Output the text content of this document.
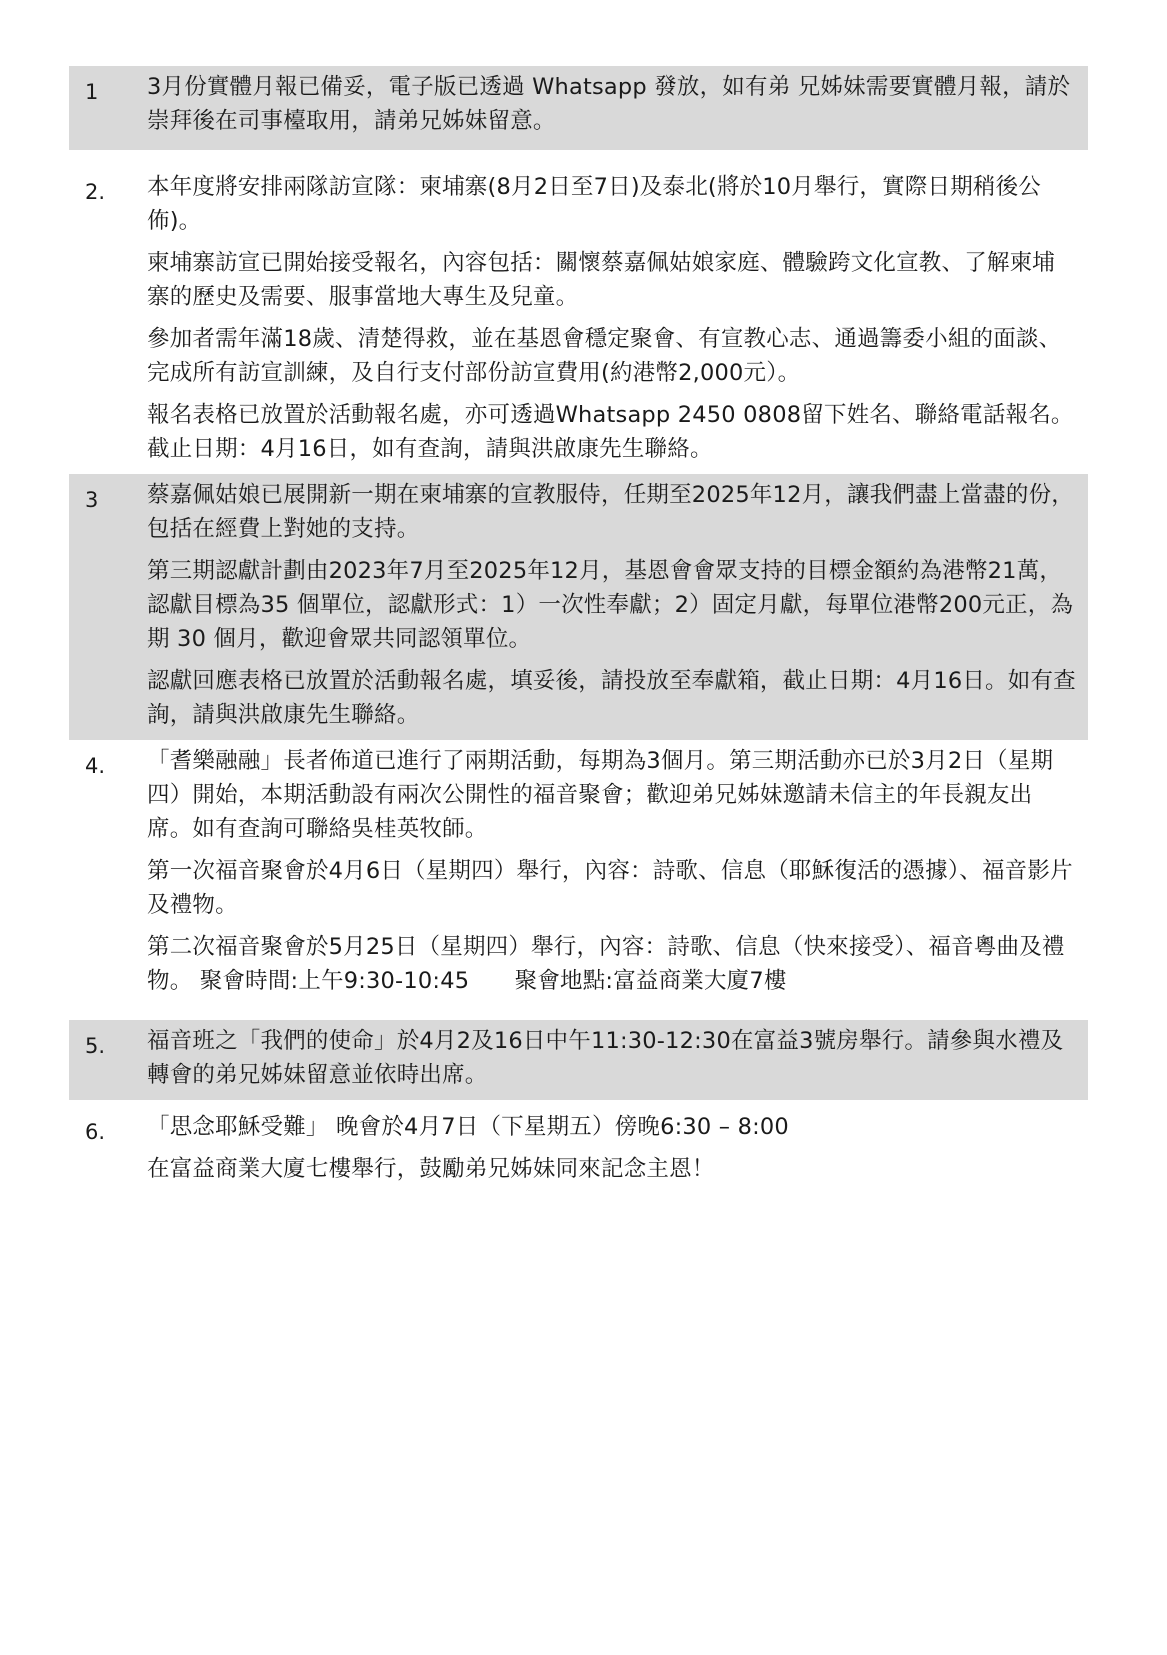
1	3月份實體月報已備妥，電子版已透過 Whatsapp 發放，如有弟 兄姊妹需要實體月報，請於崇拜後在司事檯取用，請弟兄姊妹留意。

2.	本年度將安排兩隊訪宣隊：柬埔寨(8月2日至7日)及泰北(將於10月舉行，實際日期稍後公佈)。

柬埔寨訪宣已開始接受報名，內容包括：關懷蔡嘉佩姑娘家庭、體驗跨文化宣教、了解柬埔寨的歷史及需要、服事當地大專生及兒童。

參加者需年滿18歲、清楚得救，並在基恩會穩定聚會、有宣教心志、通過籌委小組的面談、完成所有訪宣訓練，及自行支付部份訪宣費用(約港幣2,000元）。

報名表格已放置於活動報名處，亦可透過Whatsapp 2450 0808留下姓名、聯絡電話報名。截止日期：4月16日，如有查詢，請與洪啟康先生聯絡。

3	蔡嘉佩姑娘已展開新一期在柬埔寨的宣教服侍，任期至2025年12月，讓我們盡上當盡的份，包括在經費上對她的支持。

第三期認獻計劃由2023年7月至2025年12月，基恩會會眾支持的目標金額約為港幣21萬，認獻目標為35 個單位，認獻形式：1）一次性奉獻；2）固定月獻，每單位港幣200元正，為期 30 個月，歡迎會眾共同認領單位。

認獻回應表格已放置於活動報名處，填妥後，請投放至奉獻箱，截止日期：4月16日。如有查詢，請與洪啟康先生聯絡。

4.	「耆樂融融」長者佈道已進行了兩期活動，每期為3個月。第三期活動亦已於3月2日（星期四）開始，本期活動設有兩次公開性的福音聚會；歡迎弟兄姊妹邀請未信主的年長親友出席。如有查詢可聯絡吳桂英牧師。

第一次福音聚會於4月6日（星期四）舉行，內容：詩歌、信息（耶穌復活的憑據）、福音影片及禮物。

第二次福音聚會於5月25日（星期四）舉行，內容：詩歌、信息（快來接受）、福音粵曲及禮物。 聚會時間:上午9:30-10:45　　聚會地點:富益商業大廈7樓

5.	福音班之「我們的使命」於4月2及16日中午11:30-12:30在富益3號房舉行。請參與水禮及轉會的弟兄姊妹留意並依時出席。

6.	「思念耶穌受難」 晚會於4月7日（下星期五）傍晚6:30 – 8:00

在富益商業大廈七樓舉行，鼓勵弟兄姊妹同來記念主恩！
